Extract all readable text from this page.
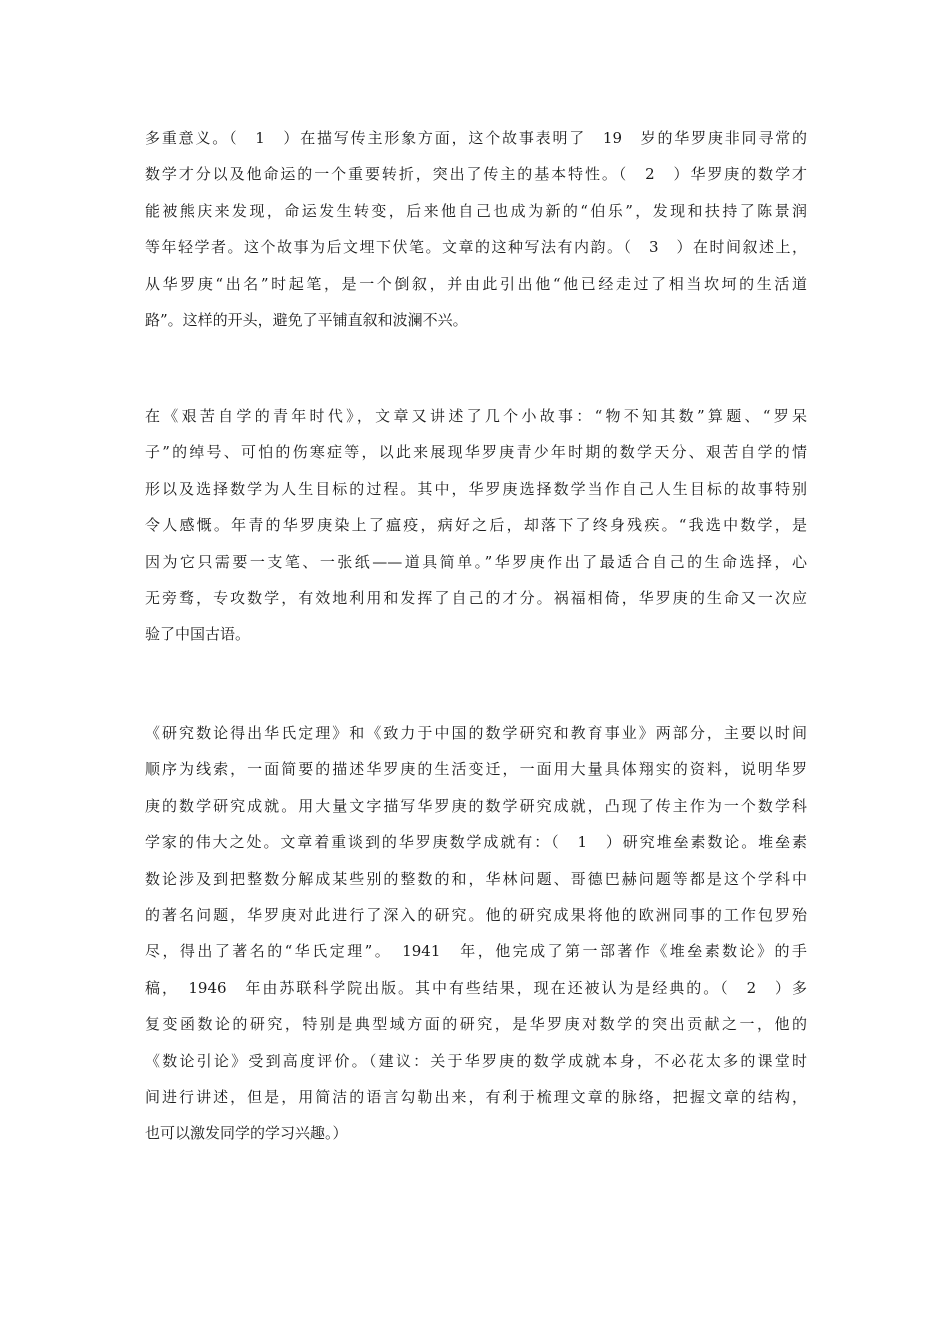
多重意义。（　1　）在描写传主形象方面，这个故事表明了　19　岁的华罗庚非同寻常的
数学才分以及他命运的一个重要转折，突出了传主的基本特性。（　2　）华罗庚的数学才
能被熊庆来发现，命运发生转变，后来他自己也成为新的“伯乐”，发现和扶持了陈景润
等年轻学者。这个故事为后文埋下伏笔。文章的这种写法有内韵。（　3　）在时间叙述上，
从华罗庚“出名”时起笔，是一个倒叙，并由此引出他“他已经走过了相当坎坷的生活道
路”。这样的开头，避免了平铺直叙和波澜不兴。
在《艰苦自学的青年时代》，文章又讲述了几个小故事：“物不知其数”算题、“罗呆
子”的绰号、可怕的伤寒症等，以此来展现华罗庚青少年时期的数学天分、艰苦自学的情
形以及选择数学为人生目标的过程。其中，华罗庚选择数学当作自己人生目标的故事特别
令人感慨。年青的华罗庚染上了瘟疫，病好之后，却落下了终身残疾。“我选中数学，是
因为它只需要一支笔、一张纸——道具简单。”华罗庚作出了最适合自己的生命选择，心
无旁骛，专攻数学，有效地利用和发挥了自己的才分。祸福相倚，华罗庚的生命又一次应
验了中国古语。
《研究数论得出华氏定理》和《致力于中国的数学研究和教育事业》两部分，主要以时间
顺序为线索，一面简要的描述华罗庚的生活变迁，一面用大量具体翔实的资料，说明华罗
庚的数学研究成就。用大量文字描写华罗庚的数学研究成就，凸现了传主作为一个数学科
学家的伟大之处。文章着重谈到的华罗庚数学成就有：（　1　）研究堆垒素数论。堆垒素
数论涉及到把整数分解成某些别的整数的和，华林问题、哥德巴赫问题等都是这个学科中
的著名问题，华罗庚对此进行了深入的研究。他的研究成果将他的欧洲同事的工作包罗殆
尽，得出了著名的“华氏定理”。　1941　年，他完成了第一部著作《堆垒素数论》的手
稿，　1946　年由苏联科学院出版。其中有些结果，现在还被认为是经典的。（　2　）多
复变函数论的研究，特别是典型域方面的研究，是华罗庚对数学的突出贡献之一，他的
《数论引论》受到高度评价。（建议：关于华罗庚的数学成就本身，不必花太多的课堂时
间进行讲述，但是，用简洁的语言勾勒出来，有利于梳理文章的脉络，把握文章的结构，
也可以激发同学的学习兴趣。）
